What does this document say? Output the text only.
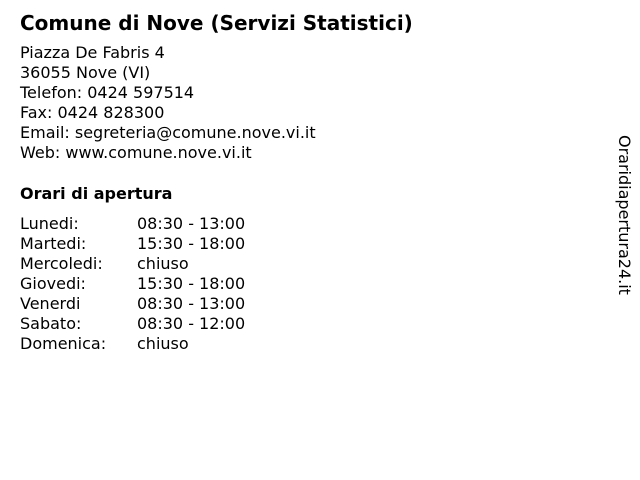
Comune di Nove (Servizi Statistici)
Piazza De Fabris 4
36055 Nove (VI)
Telefon: 0424 597514
Fax: 0424 828300
Email: segreteria@comune.nove.vi.it
Web: www.comune.nove.vi.it
Orari di apertura
Lunedi:	08:30 - 13:00
Martedi:	15:30 - 18:00
Mercoledi:	chiuso
Giovedi:	15:30 - 18:00
Venerdi	08:30 - 13:00
Sabato:	08:30 - 12:00
Domenica:	chiuso
Oraridiapertura24.it
